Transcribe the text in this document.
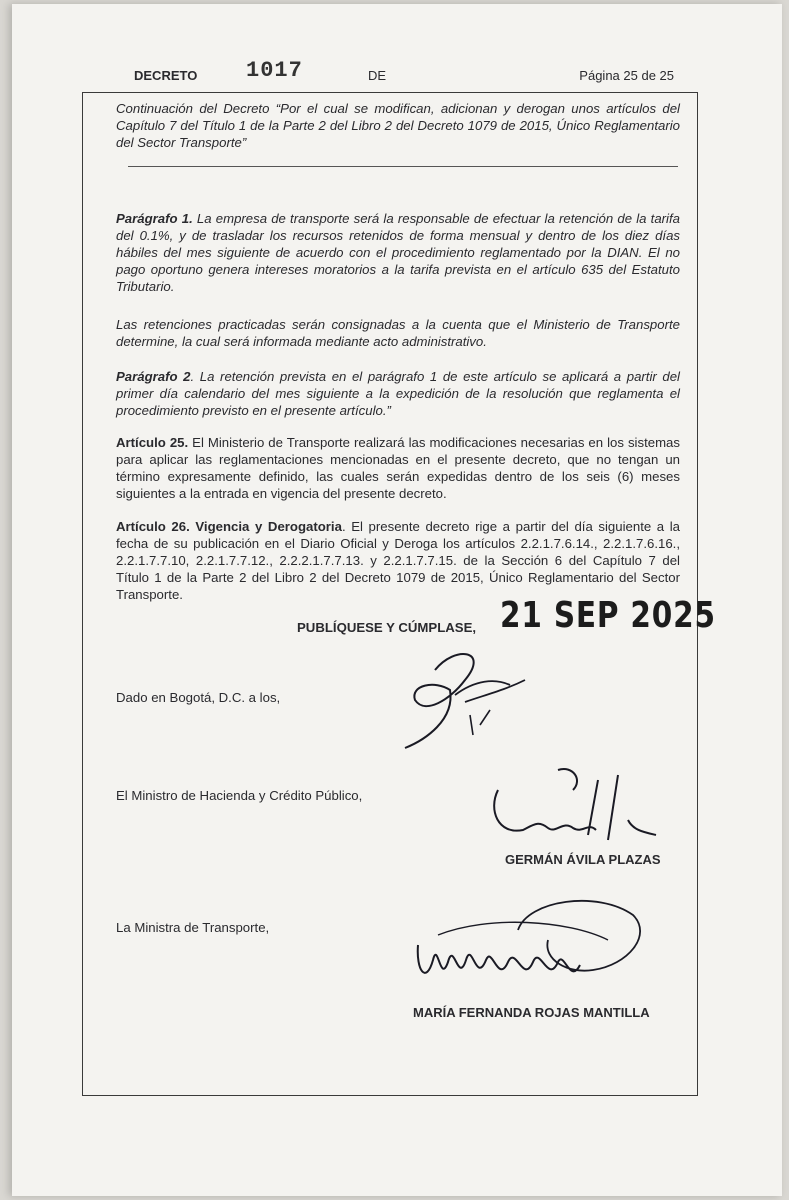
DECRETO 1017	DE	Página 25 de 25

Continuación del Decreto “Por el cual se modifican, adicionan y derogan unos artículos del Capítulo 7 del Título 1 de la Parte 2 del Libro 2 del Decreto 1079 de 2015, Único Reglamentario del Sector Transporte”

Parágrafo 1. La empresa de transporte será la responsable de efectuar la retención de la tarifa del 0.1%, y de trasladar los recursos retenidos de forma mensual y dentro de los diez días hábiles del mes siguiente de acuerdo con el procedimiento reglamentado por la DIAN. El no pago oportuno genera intereses moratorios a la tarifa prevista en el artículo 635 del Estatuto Tributario.

Las retenciones practicadas serán consignadas a la cuenta que el Ministerio de Transporte determine, la cual será informada mediante acto administrativo.

Parágrafo 2. La retención prevista en el parágrafo 1 de este artículo se aplicará a partir del primer día calendario del mes siguiente a la expedición de la resolución que reglamenta el procedimiento previsto en el presente artículo.”

Artículo 25. El Ministerio de Transporte realizará las modificaciones necesarias en los sistemas para aplicar las reglamentaciones mencionadas en el presente decreto, que no tengan un término expresamente definido, las cuales serán expedidas dentro de los seis (6) meses siguientes a la entrada en vigencia del presente decreto.

Artículo 26. Vigencia y Derogatoria. El presente decreto rige a partir del día siguiente a la fecha de su publicación en el Diario Oficial y Deroga los artículos 2.2.1.7.6.14., 2.2.1.7.6.16., 2.2.1.7.7.10, 2.2.1.7.7.12., 2.2.2.1.7.7.13. y 2.2.1.7.7.15. de la Sección 6 del Capítulo 7 del Título 1 de la Parte 2 del Libro 2 del Decreto 1079 de 2015, Único Reglamentario del Sector Transporte.

PUBLÍQUESE Y CÚMPLASE, 21 SEP 2025
Dado en Bogotá, D.C. a los,
El Ministro de Hacienda y Crédito Público,
GERMÁN ÁVILA PLAZAS
La Ministra de Transporte,
MARÍA FERNANDA ROJAS MANTILLA
